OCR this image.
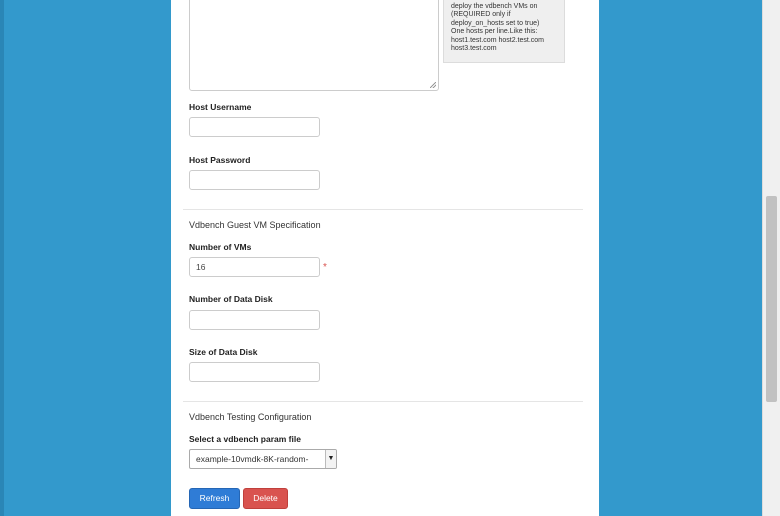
deploy the vdbench VMs on
(REQUIRED only if
deploy_on_hosts set to true)
One hosts per line.Like this:
host1.test.com host2.test.com
host3.test.com
Host Username
Host Password
Vdbench Guest VM Specification
Number of VMs
16
*
Number of Data Disk
Size of Data Disk
Vdbench Testing Configuration
Select a vdbench param file
example-10vmdk-8K-random-	▼
Refresh	Delete
